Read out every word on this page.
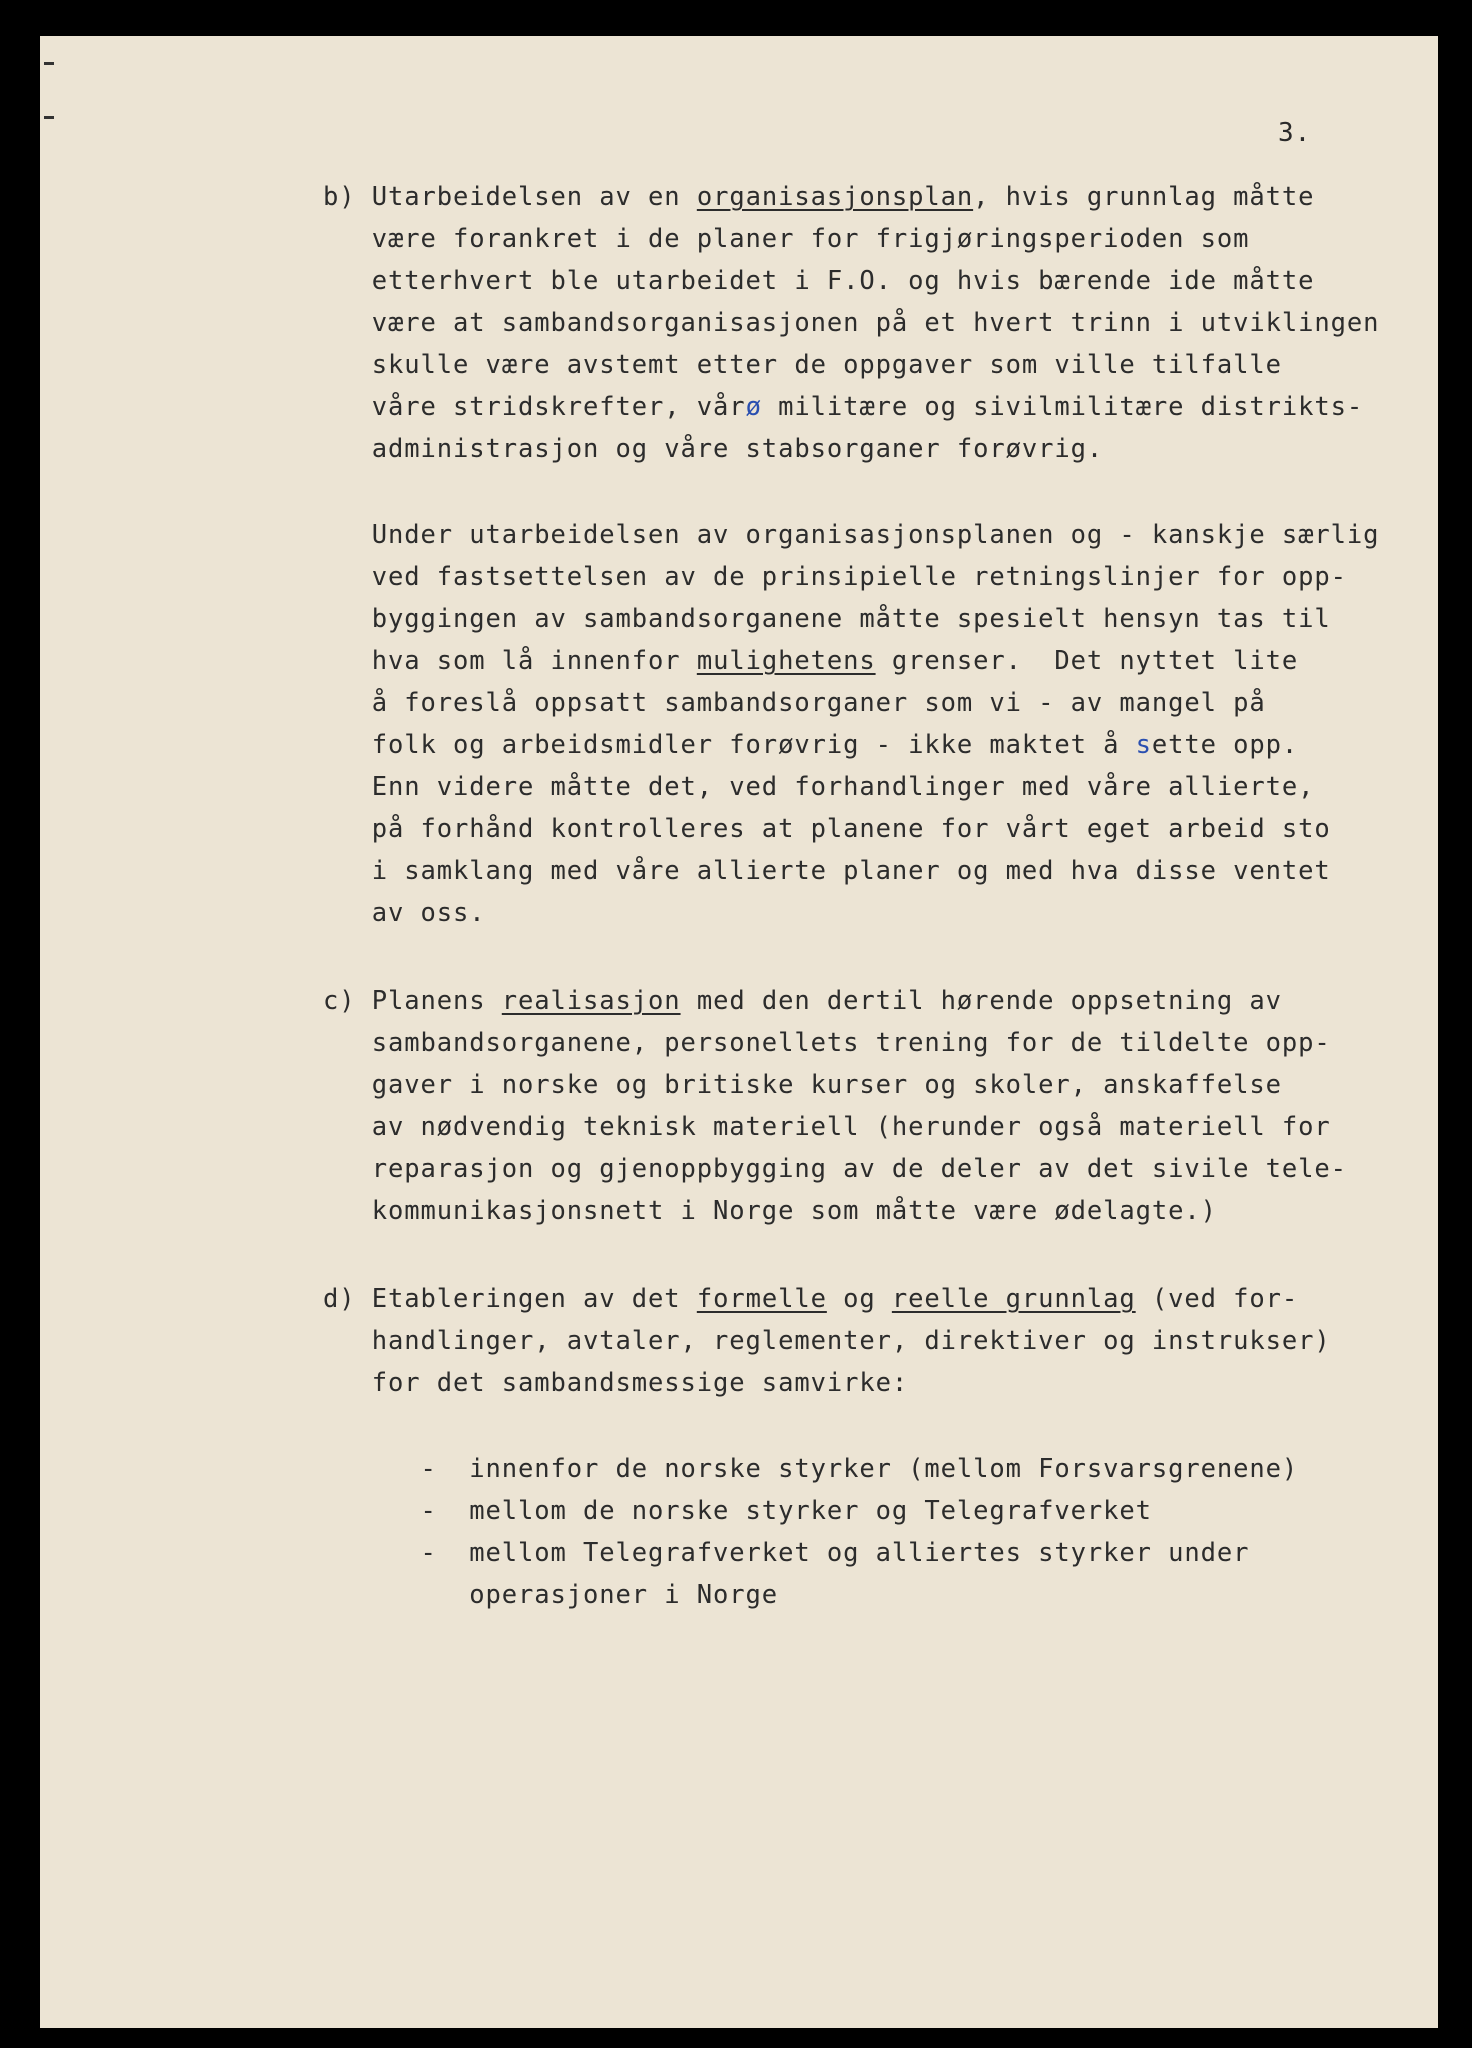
3.
b) Utarbeidelsen av en organisasjonsplan, hvis grunnlag måtte
være forankret i de planer for frigjøringsperioden som
etterhvert ble utarbeidet i F.O. og hvis bærende ide måtte
være at sambandsorganisasjonen på et hvert trinn i utviklingen
skulle være avstemt etter de oppgaver som ville tilfalle
våre stridskrefter, vårø militære og sivilmilitære distrikts-
administrasjon og våre stabsorganer forøvrig.
Under utarbeidelsen av organisasjonsplanen og - kanskje særlig
ved fastsettelsen av de prinsipielle retningslinjer for opp-
byggingen av sambandsorganene måtte spesielt hensyn tas til
hva som lå innenfor mulighetens grenser.  Det nyttet lite
å foreslå oppsatt sambandsorganer som vi - av mangel på
folk og arbeidsmidler forøvrig - ikke maktet å sette opp.
Enn videre måtte det, ved forhandlinger med våre allierte,
på forhånd kontrolleres at planene for vårt eget arbeid sto
i samklang med våre allierte planer og med hva disse ventet
av oss.
c) Planens realisasjon med den dertil hørende oppsetning av
sambandsorganene, personellets trening for de tildelte opp-
gaver i norske og britiske kurser og skoler, anskaffelse
av nødvendig teknisk materiell (herunder også materiell for
reparasjon og gjenoppbygging av de deler av det sivile tele-
kommunikasjonsnett i Norge som måtte være ødelagte.)
d) Etableringen av det formelle og reelle grunnlag (ved for-
handlinger, avtaler, reglementer, direktiver og instrukser)
for det sambandsmessige samvirke:
-  innenfor de norske styrker (mellom Forsvarsgrenene)
-  mellom de norske styrker og Telegrafverket
-  mellom Telegrafverket og alliertes styrker under
operasjoner i Norge
